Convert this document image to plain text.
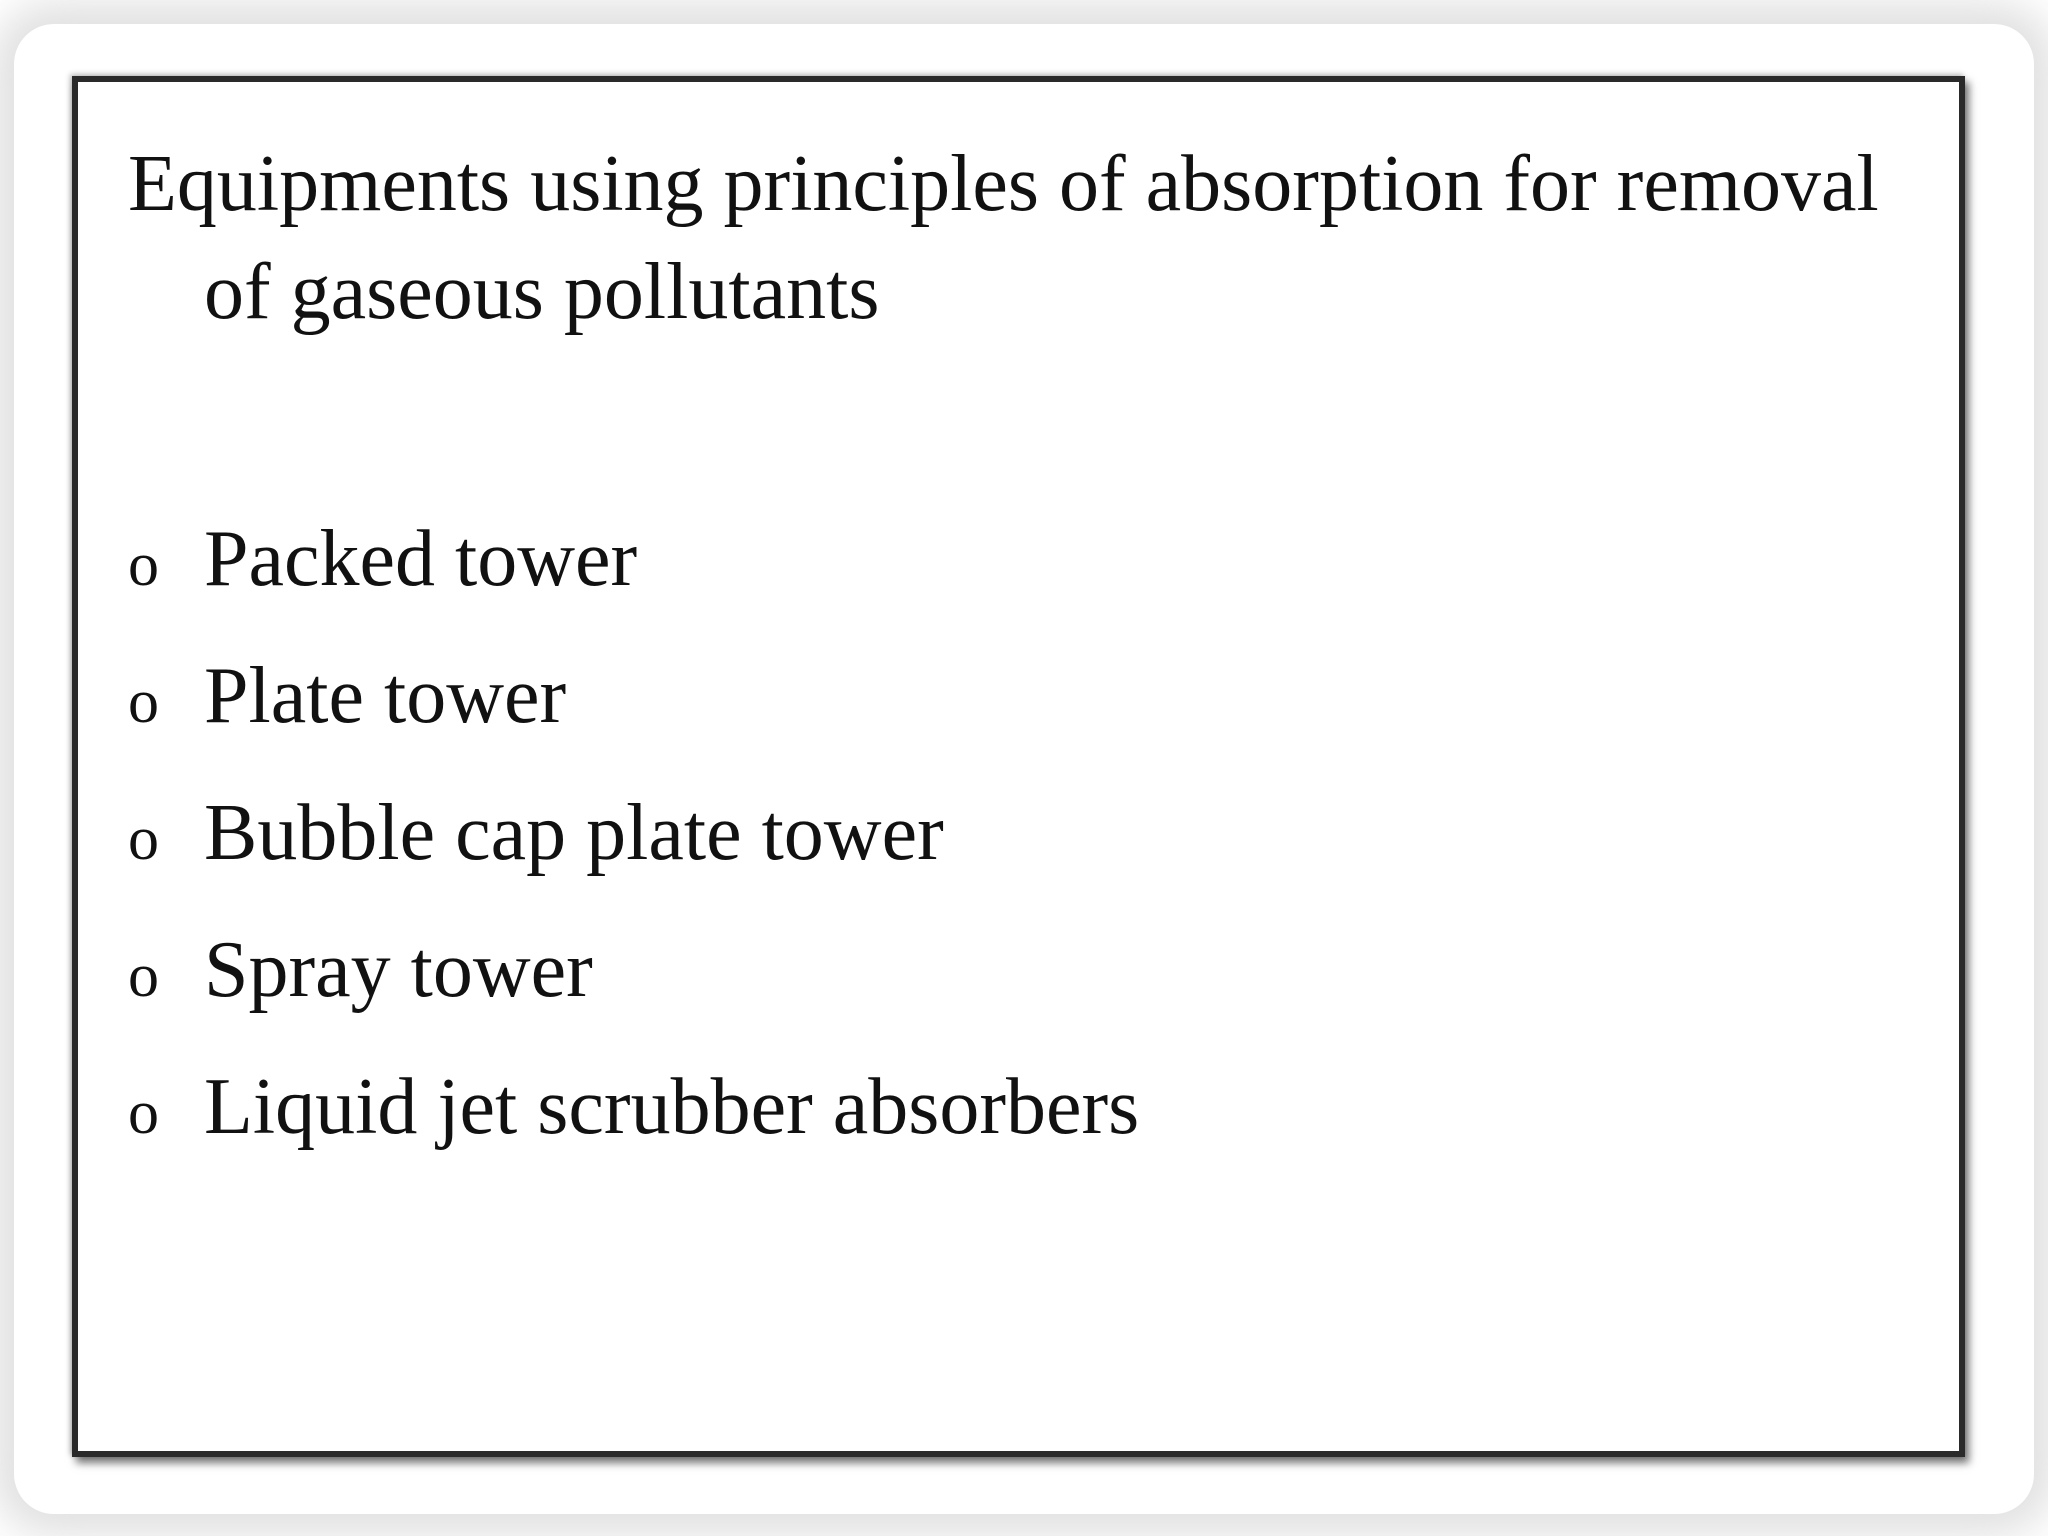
Equipments using principles of absorption for removal of gaseous pollutants
o Packed tower
o Plate tower
o Bubble cap plate tower
o Spray tower
o Liquid jet scrubber absorbers
